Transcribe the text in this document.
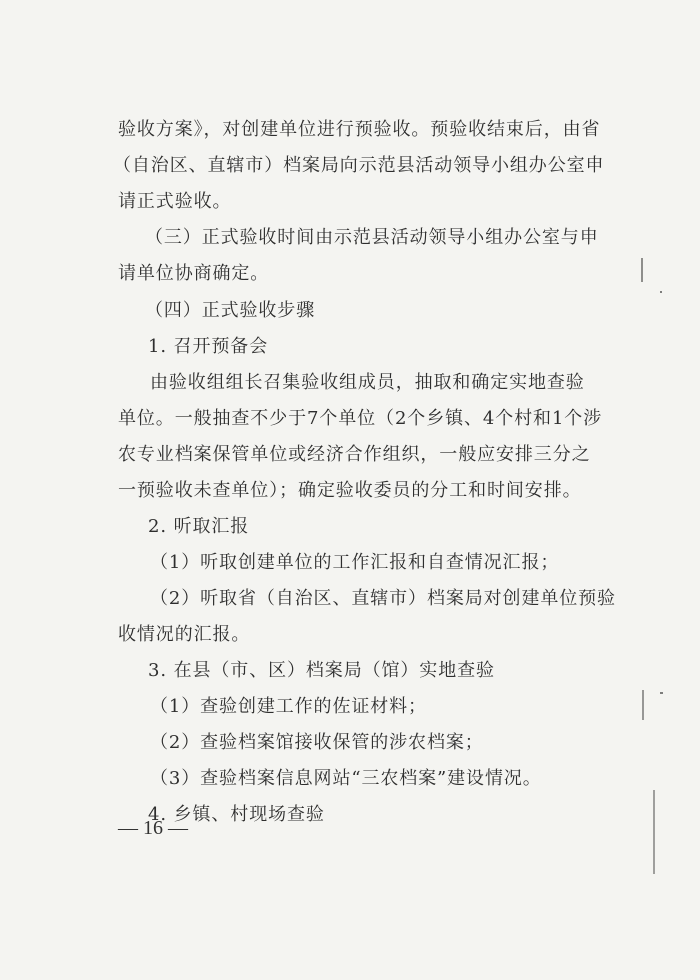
验收方案》，对创建单位进行预验收。预验收结束后，由省
（自治区、直辖市）档案局向示范县活动领导小组办公室申
请正式验收。
（三）正式验收时间由示范县活动领导小组办公室与申
请单位协商确定。
（四）正式验收步骤
1. 召开预备会
由验收组组长召集验收组成员，抽取和确定实地查验
单位。一般抽查不少于7个单位（2个乡镇、4个村和1个涉
农专业档案保管单位或经济合作组织，一般应安排三分之
一预验收未查单位）；确定验收委员的分工和时间安排。
2. 听取汇报
（1）听取创建单位的工作汇报和自查情况汇报；
（2）听取省（自治区、直辖市）档案局对创建单位预验
收情况的汇报。
3. 在县（市、区）档案局（馆）实地查验
（1）查验创建工作的佐证材料；
（2）查验档案馆接收保管的涉农档案；
（3）查验档案信息网站“三农档案”建设情况。
4. 乡镇、村现场查验
— 16 —
